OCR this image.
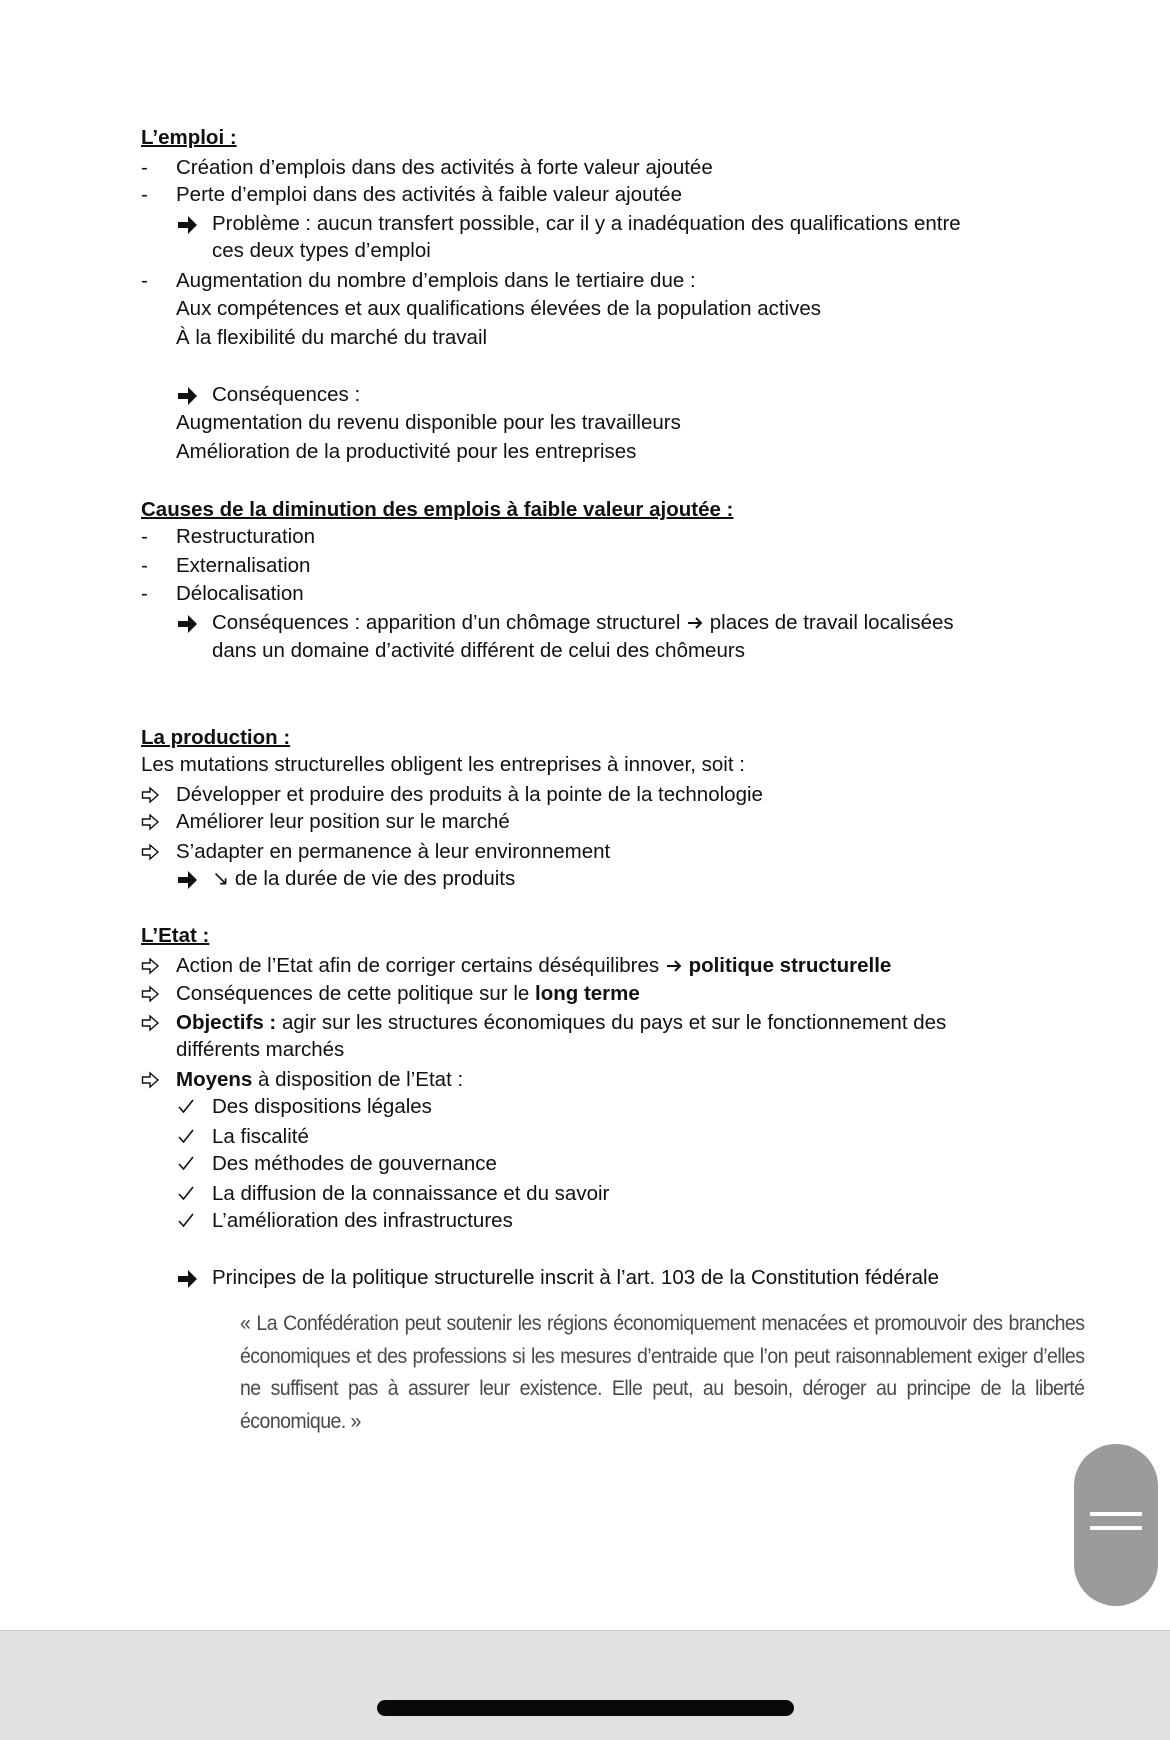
L’emploi :
- Création d’emplois dans des activités à forte valeur ajoutée
- Perte d’emploi dans des activités à faible valeur ajoutée
Problème : aucun transfert possible, car il y a inadéquation des qualifications entre
ces deux types d’emploi
- Augmentation du nombre d’emplois dans le tertiaire due :
Aux compétences et aux qualifications élevées de la population actives
À la flexibilité du marché du travail
Conséquences :
Augmentation du revenu disponible pour les travailleurs
Amélioration de la productivité pour les entreprises
Causes de la diminution des emplois à faible valeur ajoutée :
- Restructuration
- Externalisation
- Délocalisation
Conséquences : apparition d’un chômage structurel places de travail localisées
dans un domaine d’activité différent de celui des chômeurs
La production :
Les mutations structurelles obligent les entreprises à innover, soit :
Développer et produire des produits à la pointe de la technologie
Améliorer leur position sur le marché
S’adapter en permanence à leur environnement
↘ de la durée de vie des produits
L’Etat :
Action de l’Etat afin de corriger certains déséquilibres politique structurelle
Conséquences de cette politique sur le long terme
Objectifs : agir sur les structures économiques du pays et sur le fonctionnement des
différents marchés
Moyens à disposition de l’Etat :
Des dispositions légales
La fiscalité
Des méthodes de gouvernance
La diffusion de la connaissance et du savoir
L’amélioration des infrastructures
Principes de la politique structurelle inscrit à l’art. 103 de la Constitution fédérale
« La Confédération peut soutenir les régions économiquement menacées et promouvoir des branches économiques et des professions si les mesures d’entraide que l’on peut raisonnablement exiger d’elles ne suffisent pas à assurer leur existence. Elle peut, au besoin, déroger au principe de la liberté économique. »
